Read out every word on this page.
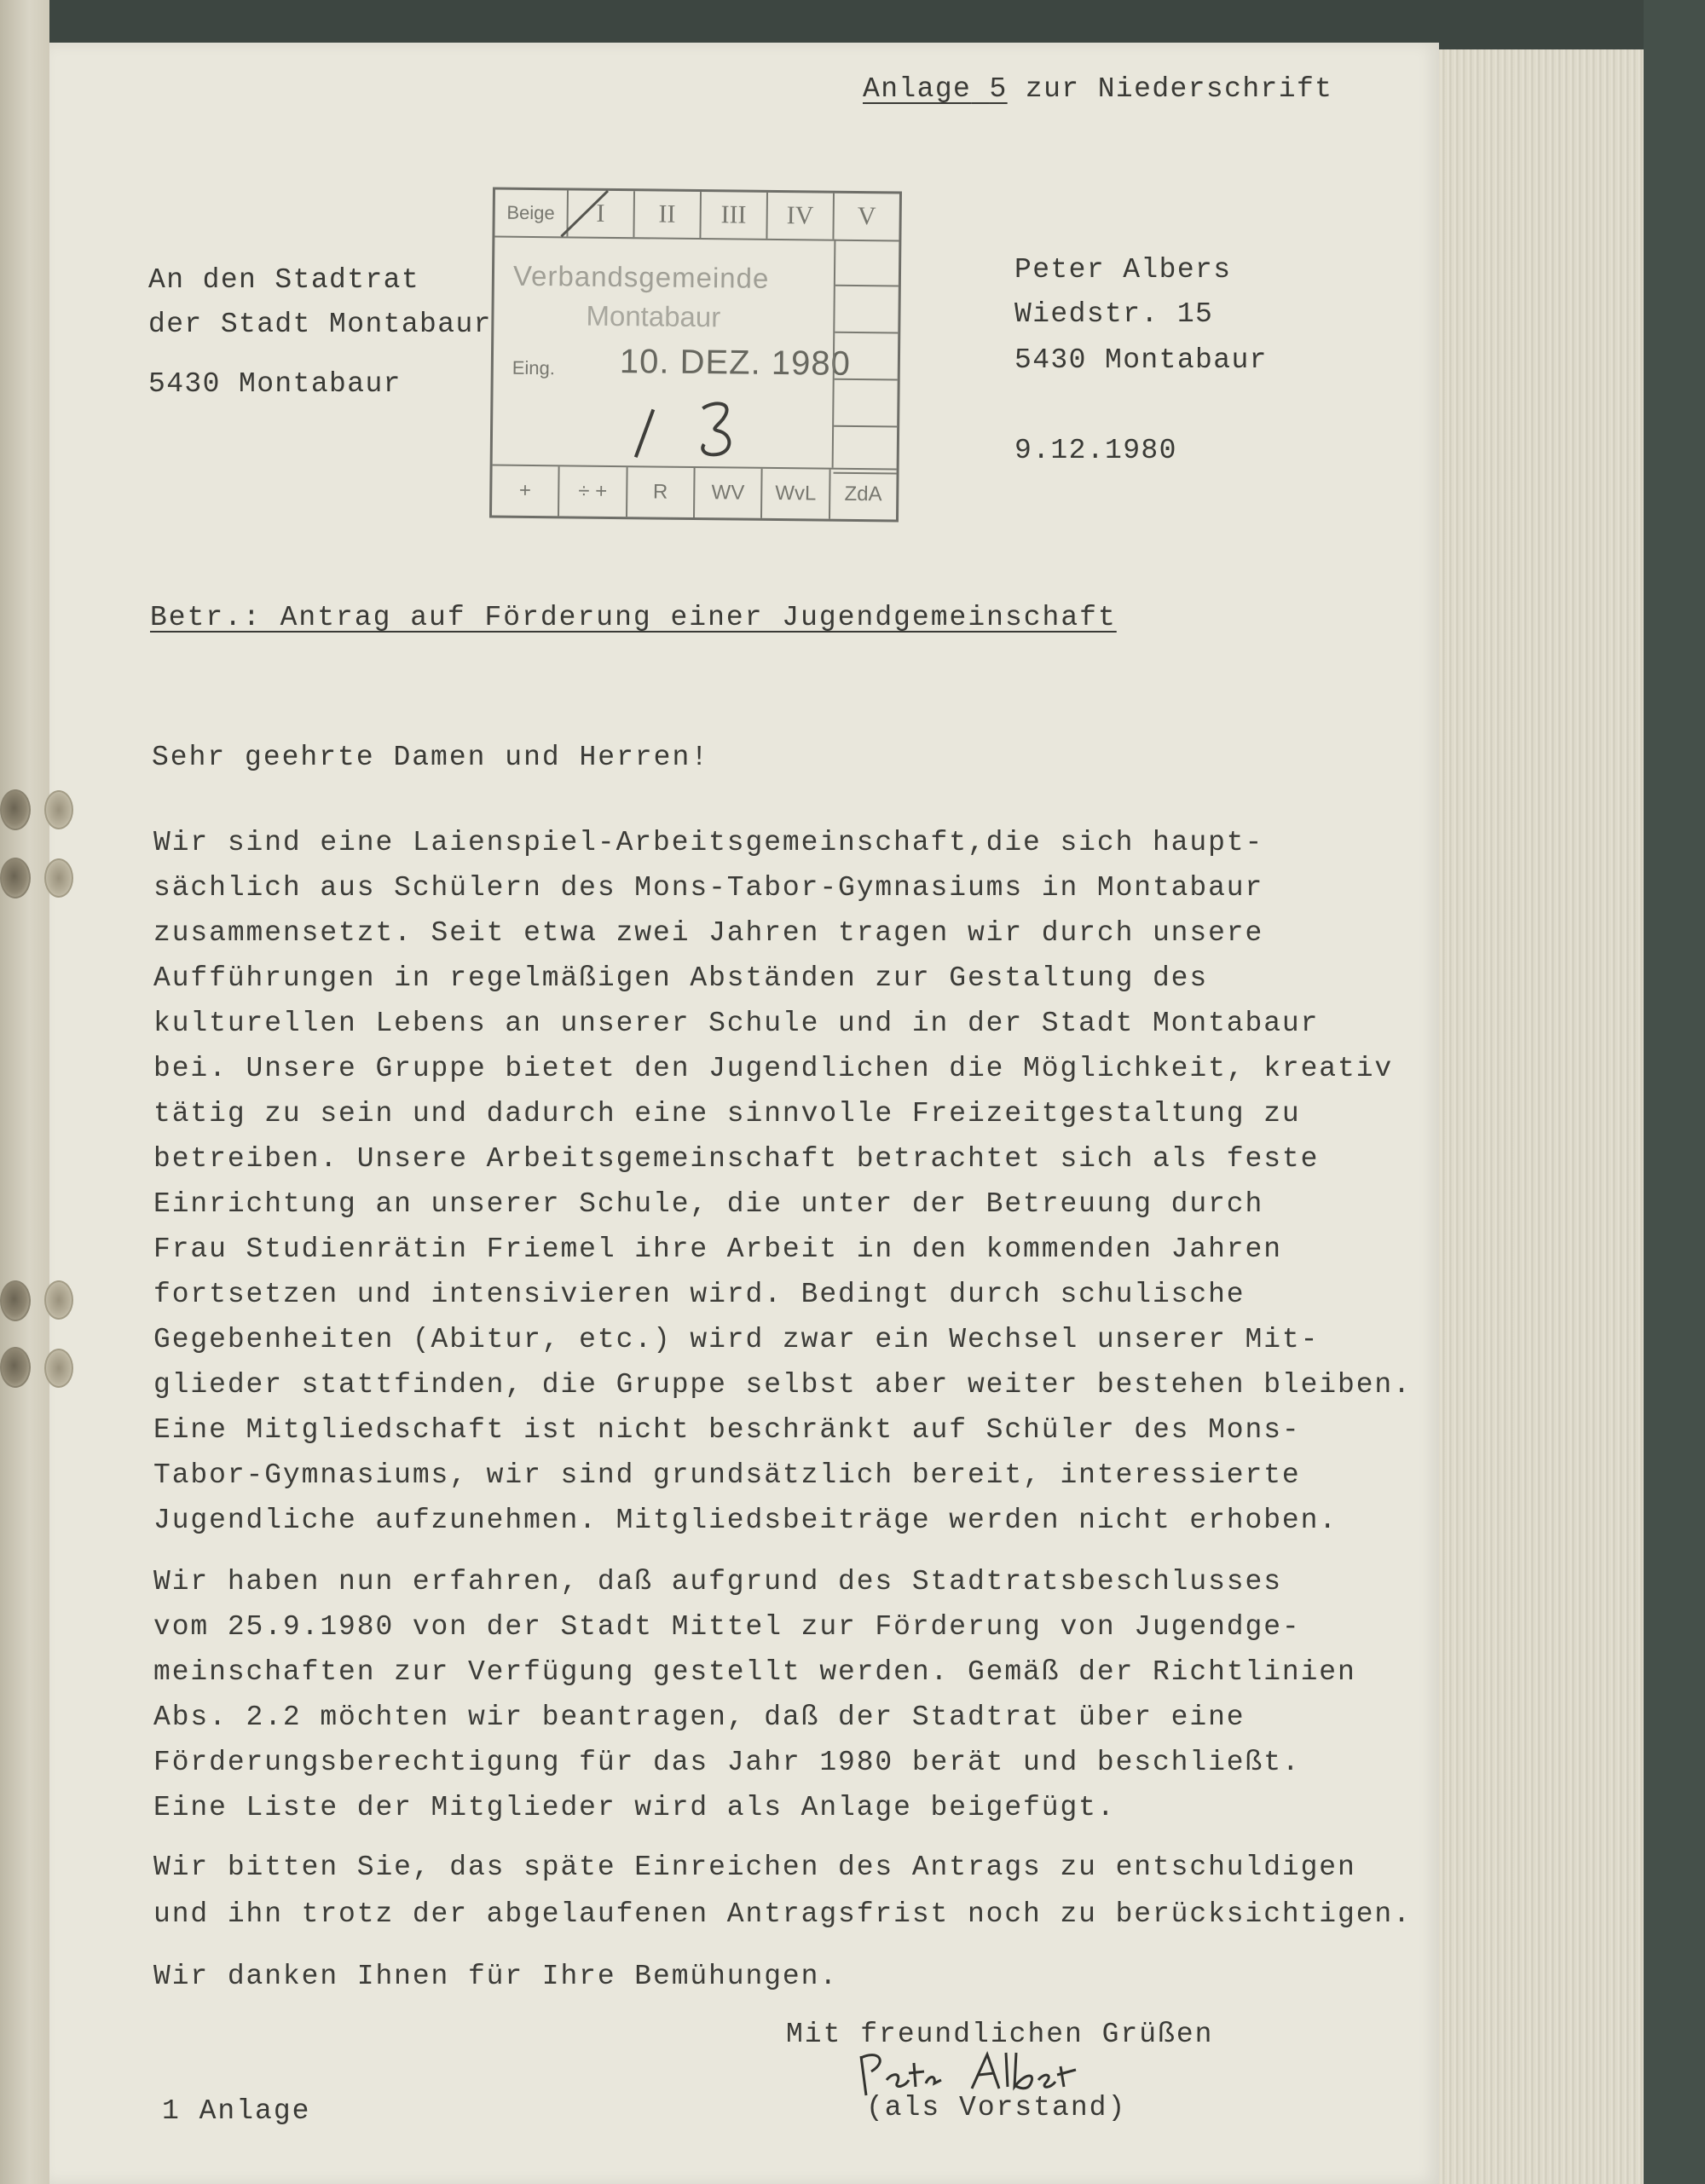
Anlage 5 zur Niederschrift
An den Stadtrat
der Stadt Montabaur
5430 Montabaur
Peter Albers
Wiedstr. 15
5430 Montabaur
9.12.1980
Beige	I	II	III	IV	V
Verbandsgemeinde
Montabaur
Eing. 10. DEZ. 1980
+	÷ +	R	WV	WvL	ZdA
Betr.: Antrag auf Förderung einer Jugendgemeinschaft
Sehr geehrte Damen und Herren!
Wir sind eine Laienspiel-Arbeitsgemeinschaft,die sich haupt-
sächlich aus Schülern des Mons-Tabor-Gymnasiums in Montabaur
zusammensetzt. Seit etwa zwei Jahren tragen wir durch unsere
Aufführungen in regelmäßigen Abständen zur Gestaltung des
kulturellen Lebens an unserer Schule und in der Stadt Montabaur
bei. Unsere Gruppe bietet den Jugendlichen die Möglichkeit, kreativ
tätig zu sein und dadurch eine sinnvolle Freizeitgestaltung zu
betreiben. Unsere Arbeitsgemeinschaft betrachtet sich als feste
Einrichtung an unserer Schule, die unter der Betreuung durch
Frau Studienrätin Friemel ihre Arbeit in den kommenden Jahren
fortsetzen und intensivieren wird. Bedingt durch schulische
Gegebenheiten (Abitur, etc.) wird zwar ein Wechsel unserer Mit-
glieder stattfinden, die Gruppe selbst aber weiter bestehen bleiben.
Eine Mitgliedschaft ist nicht beschränkt auf Schüler des Mons-
Tabor-Gymnasiums, wir sind grundsätzlich bereit, interessierte
Jugendliche aufzunehmen. Mitgliedsbeiträge werden nicht erhoben.
Wir haben nun erfahren, daß aufgrund des Stadtratsbeschlusses
vom 25.9.1980 von der Stadt Mittel zur Förderung von Jugendge-
meinschaften zur Verfügung gestellt werden. Gemäß der Richtlinien
Abs. 2.2 möchten wir beantragen, daß der Stadtrat über eine
Förderungsberechtigung für das Jahr 1980 berät und beschließt.
Eine Liste der Mitglieder wird als Anlage beigefügt.
Wir bitten Sie, das späte Einreichen des Antrags zu entschuldigen
und ihn trotz der abgelaufenen Antragsfrist noch zu berücksichtigen.
Wir danken Ihnen für Ihre Bemühungen.
Mit freundlichen Grüßen
(als Vorstand)
1 Anlage
